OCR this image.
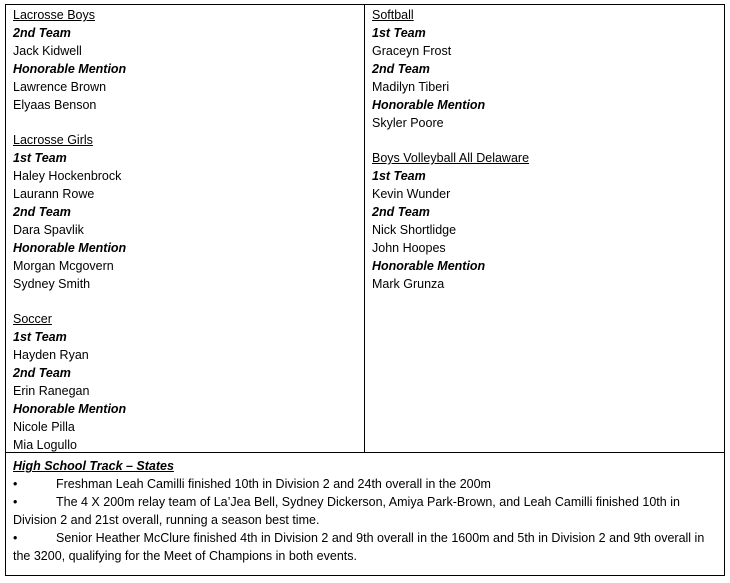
Lacrosse Boys
2nd Team
Jack Kidwell
Honorable Mention
Lawrence Brown
Elyaas Benson
Lacrosse Girls
1st Team
Haley Hockenbrock
Laurann Rowe
2nd Team
Dara Spavlik
Honorable Mention
Morgan Mcgovern
Sydney Smith
Soccer
1st Team
Hayden Ryan
2nd Team
Erin Ranegan
Honorable Mention
Nicole Pilla
Mia Logullo
Softball
1st Team
Graceyn Frost
2nd Team
Madilyn Tiberi
Honorable Mention
Skyler Poore
Boys Volleyball All Delaware
1st Team
Kevin Wunder
2nd Team
Nick Shortlidge
John Hoopes
Honorable Mention
Mark Grunza
High School Track – States
•	Freshman Leah Camilli finished 10th in Division 2 and 24th overall in the 200m
•	The 4 X 200m relay team of La’Jea Bell, Sydney Dickerson, Amiya Park-Brown, and Leah Camilli finished 10th in Division 2 and 21st overall, running a season best time.
•	Senior Heather McClure finished 4th in Division 2 and 9th overall in the 1600m and 5th in Division 2 and 9th overall in the 3200, qualifying for the Meet of Champions in both events.
